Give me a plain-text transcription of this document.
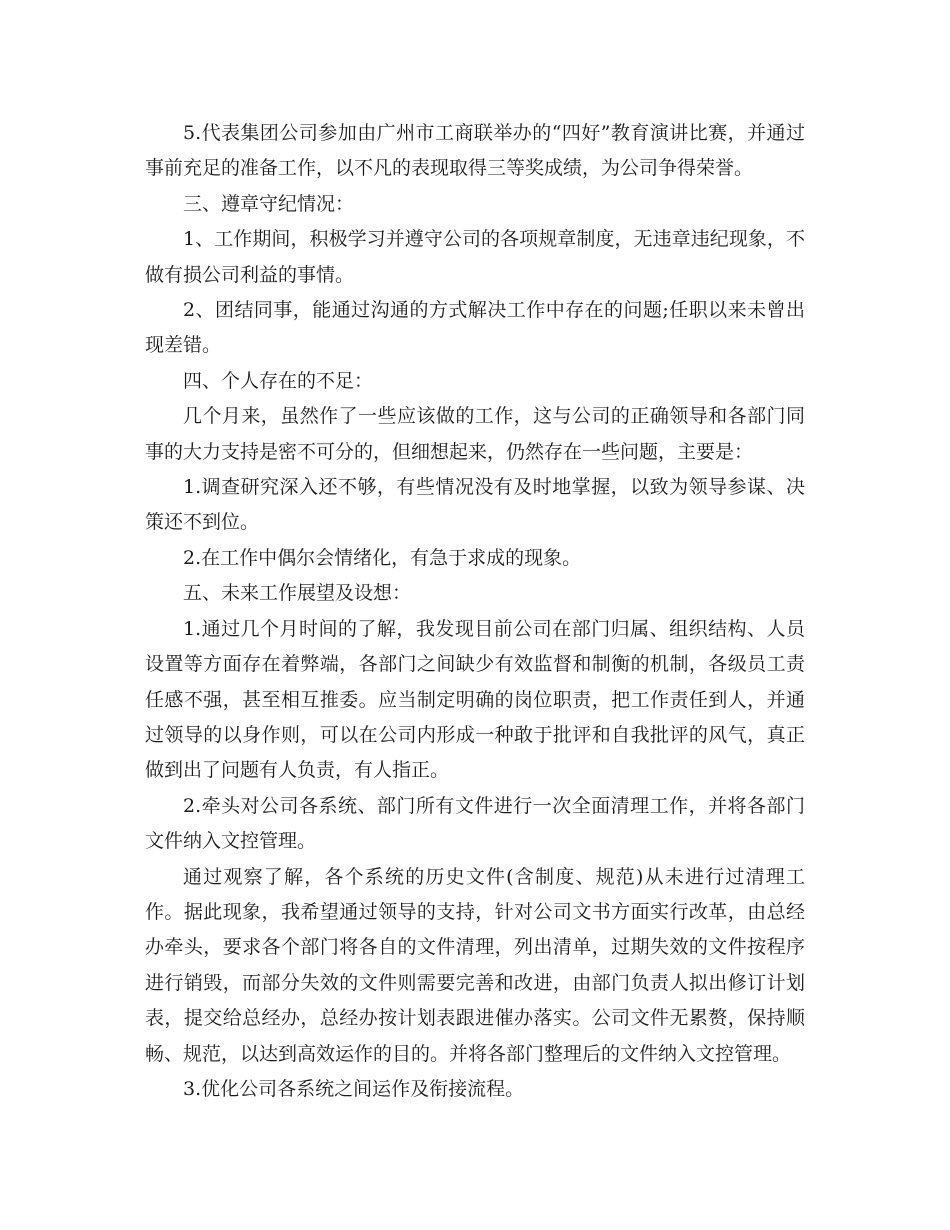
5.代表集团公司参加由广州市工商联举办的“四好”教育演讲比赛，并通过事前充足的准备工作，以不凡的表现取得三等奖成绩，为公司争得荣誉。

三、遵章守纪情况：

1、工作期间，积极学习并遵守公司的各项规章制度，无违章违纪现象，不做有损公司利益的事情。

2、团结同事，能通过沟通的方式解决工作中存在的问题;任职以来未曾出现差错。

四、个人存在的不足：

几个月来，虽然作了一些应该做的工作，这与公司的正确领导和各部门同事的大力支持是密不可分的，但细想起来，仍然存在一些问题，主要是：

1.调查研究深入还不够，有些情况没有及时地掌握，以致为领导参谋、决策还不到位。

2.在工作中偶尔会情绪化，有急于求成的现象。

五、未来工作展望及设想：

1.通过几个月时间的了解，我发现目前公司在部门归属、组织结构、人员设置等方面存在着弊端，各部门之间缺少有效监督和制衡的机制，各级员工责任感不强，甚至相互推委。应当制定明确的岗位职责，把工作责任到人，并通过领导的以身作则，可以在公司内形成一种敢于批评和自我批评的风气，真正做到出了问题有人负责，有人指正。

2.牵头对公司各系统、部门所有文件进行一次全面清理工作，并将各部门文件纳入文控管理。

通过观察了解，各个系统的历史文件(含制度、规范)从未进行过清理工作。据此现象，我希望通过领导的支持，针对公司文书方面实行改革，由总经办牵头，要求各个部门将各自的文件清理，列出清单，过期失效的文件按程序进行销毁，而部分失效的文件则需要完善和改进，由部门负责人拟出修订计划表，提交给总经办，总经办按计划表跟进催办落实。公司文件无累赘，保持顺畅、规范，以达到高效运作的目的。并将各部门整理后的文件纳入文控管理。

3.优化公司各系统之间运作及衔接流程。
